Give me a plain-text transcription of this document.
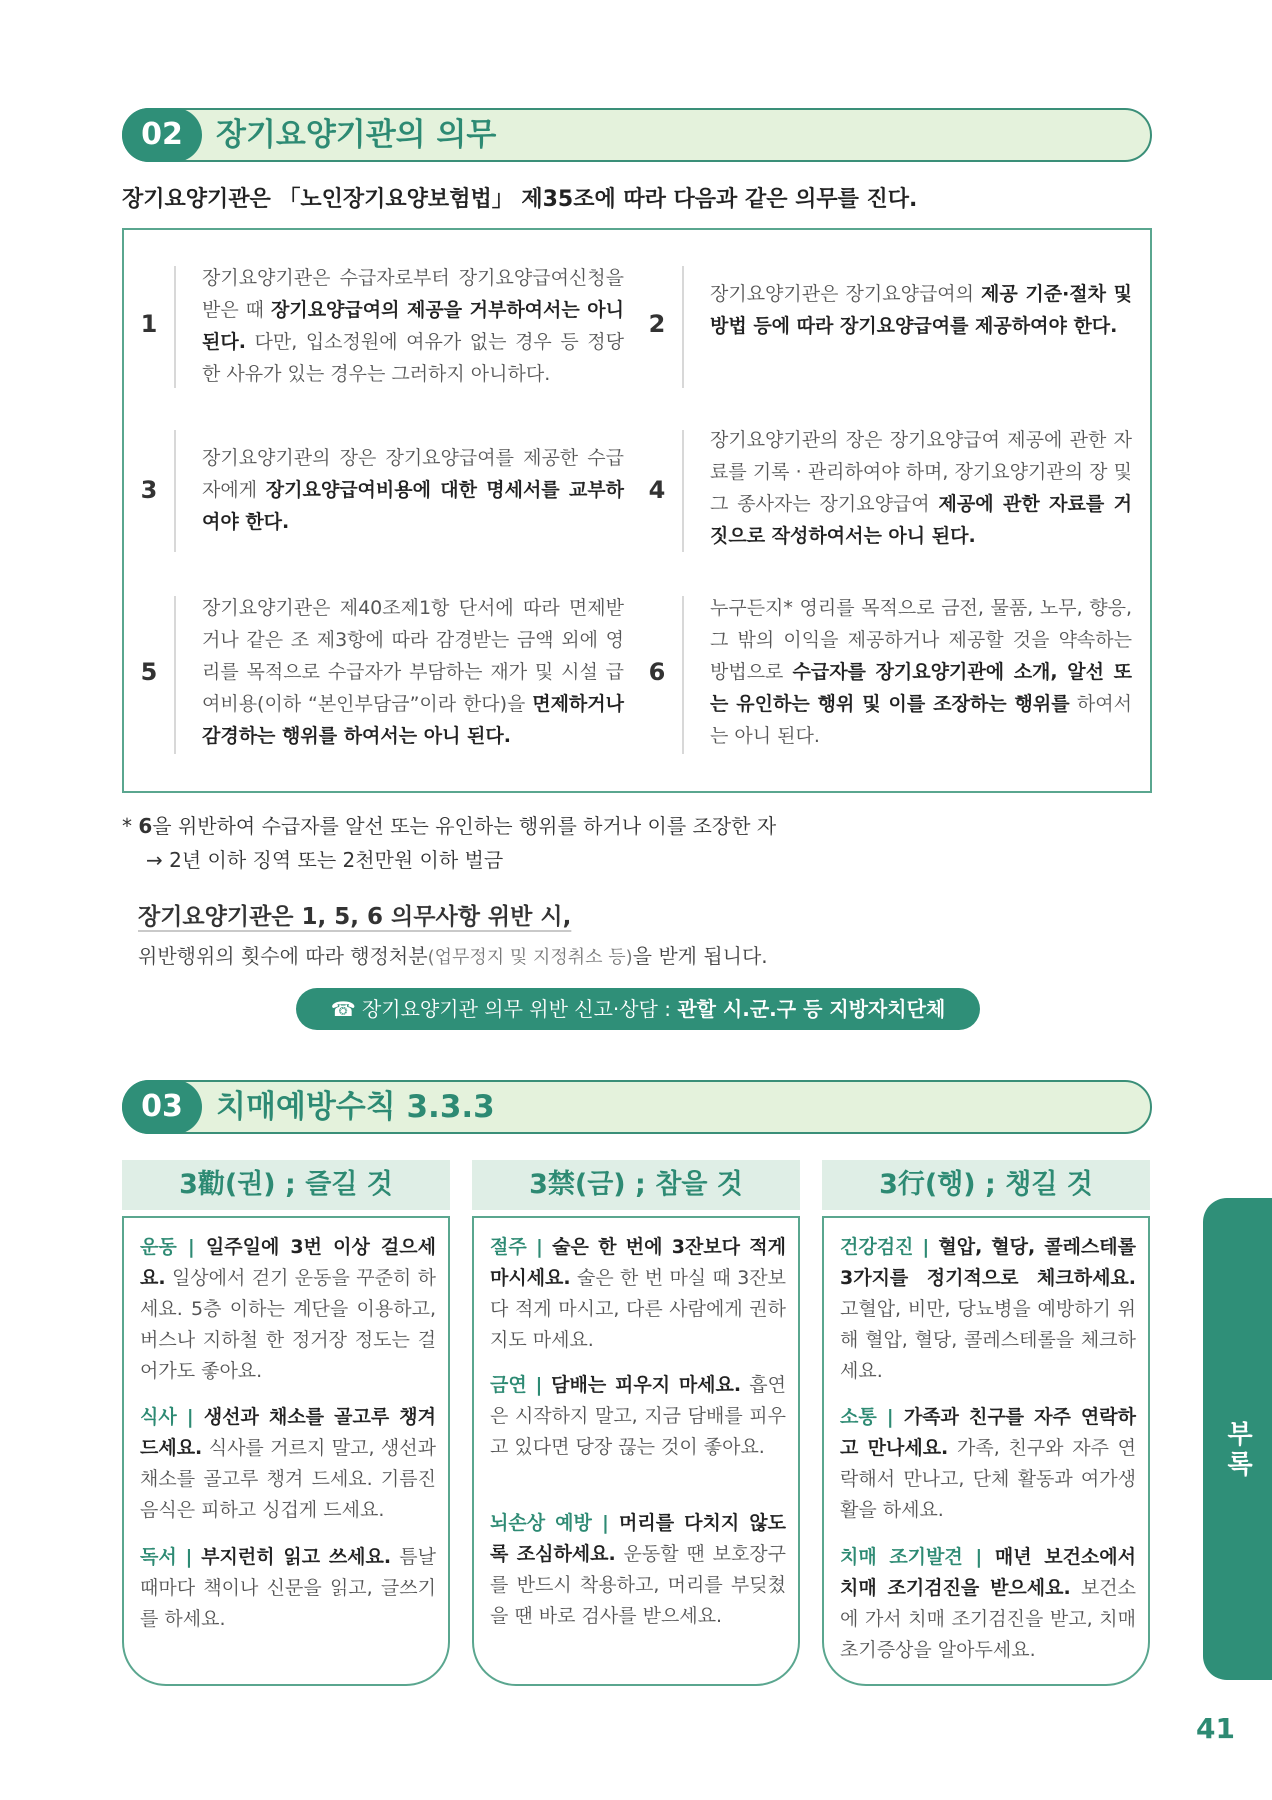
02	장기요양기관의 의무
장기요양기관은 「노인장기요양보험법」 제35조에 따라 다음과 같은 의무를 진다.
1
장기요양기관은 수급자로부터 장기요양급여신청을 받은 때 장기요양급여의 제공을 거부하여서는 아니된다. 다만, 입소정원에 여유가 없는 경우 등 정당한 사유가 있는 경우는 그러하지 아니하다.
2
장기요양기관은 장기요양급여의 제공 기준·절차 및 방법 등에 따라 장기요양급여를 제공하여야 한다.
3
장기요양기관의 장은 장기요양급여를 제공한 수급자에게 장기요양급여비용에 대한 명세서를 교부하여야 한다.
4
장기요양기관의 장은 장기요양급여 제공에 관한 자료를 기록 · 관리하여야 하며, 장기요양기관의 장 및 그 종사자는 장기요양급여 제공에 관한 자료를 거짓으로 작성하여서는 아니 된다.
5
장기요양기관은 제40조제1항 단서에 따라 면제받거나 같은 조 제3항에 따라 감경받는 금액 외에 영리를 목적으로 수급자가 부담하는 재가 및 시설 급여비용(이하 “본인부담금”이라 한다)을 면제하거나 감경하는 행위를 하여서는 아니 된다.
6
누구든지* 영리를 목적으로 금전, 물품, 노무, 향응, 그 밖의 이익을 제공하거나 제공할 것을 약속하는 방법으로 수급자를 장기요양기관에 소개, 알선 또는 유인하는 행위 및 이를 조장하는 행위를 하여서는 아니 된다.
* 6을 위반하여 수급자를 알선 또는 유인하는 행위를 하거나 이를 조장한 자
→ 2년 이하 징역 또는 2천만원 이하 벌금
장기요양기관은 1, 5, 6 의무사항 위반 시,
위반행위의 횟수에 따라 행정처분(업무정지 및 지정취소 등)을 받게 됩니다.
☎ 장기요양기관 의무 위반 신고·상담 : 관할 시.군.구 등 지방자치단체
03	치매예방수칙 3.3.3
3勸(권) ; 즐길 것
운동 | 일주일에 3번 이상 걸으세요. 일상에서 걷기 운동을 꾸준히 하세요. 5층 이하는 계단을 이용하고, 버스나 지하철 한 정거장 정도는 걸어가도 좋아요.
식사 | 생선과 채소를 골고루 챙겨 드세요. 식사를 거르지 말고, 생선과 채소를 골고루 챙겨 드세요. 기름진 음식은 피하고 싱겁게 드세요.
독서 | 부지런히 읽고 쓰세요. 틈날 때마다 책이나 신문을 읽고, 글쓰기를 하세요.
3禁(금) ; 참을 것
절주 | 술은 한 번에 3잔보다 적게 마시세요. 술은 한 번 마실 때 3잔보다 적게 마시고, 다른 사람에게 권하지도 마세요.
금연 | 담배는 피우지 마세요. 흡연은 시작하지 말고, 지금 담배를 피우고 있다면 당장 끊는 것이 좋아요.
뇌손상 예방 | 머리를 다치지 않도록 조심하세요. 운동할 땐 보호장구를 반드시 착용하고, 머리를 부딪쳤을 땐 바로 검사를 받으세요.
3行(행) ; 챙길 것
건강검진 | 혈압, 혈당, 콜레스테롤 3가지를 정기적으로 체크하세요. 고혈압, 비만, 당뇨병을 예방하기 위해 혈압, 혈당, 콜레스테롤을 체크하세요.
소통 | 가족과 친구를 자주 연락하고 만나세요. 가족, 친구와 자주 연락해서 만나고, 단체 활동과 여가생활을 하세요.
치매 조기발견 | 매년 보건소에서 치매 조기검진을 받으세요. 보건소에 가서 치매 조기검진을 받고, 치매 초기증상을 알아두세요.
부록
41
